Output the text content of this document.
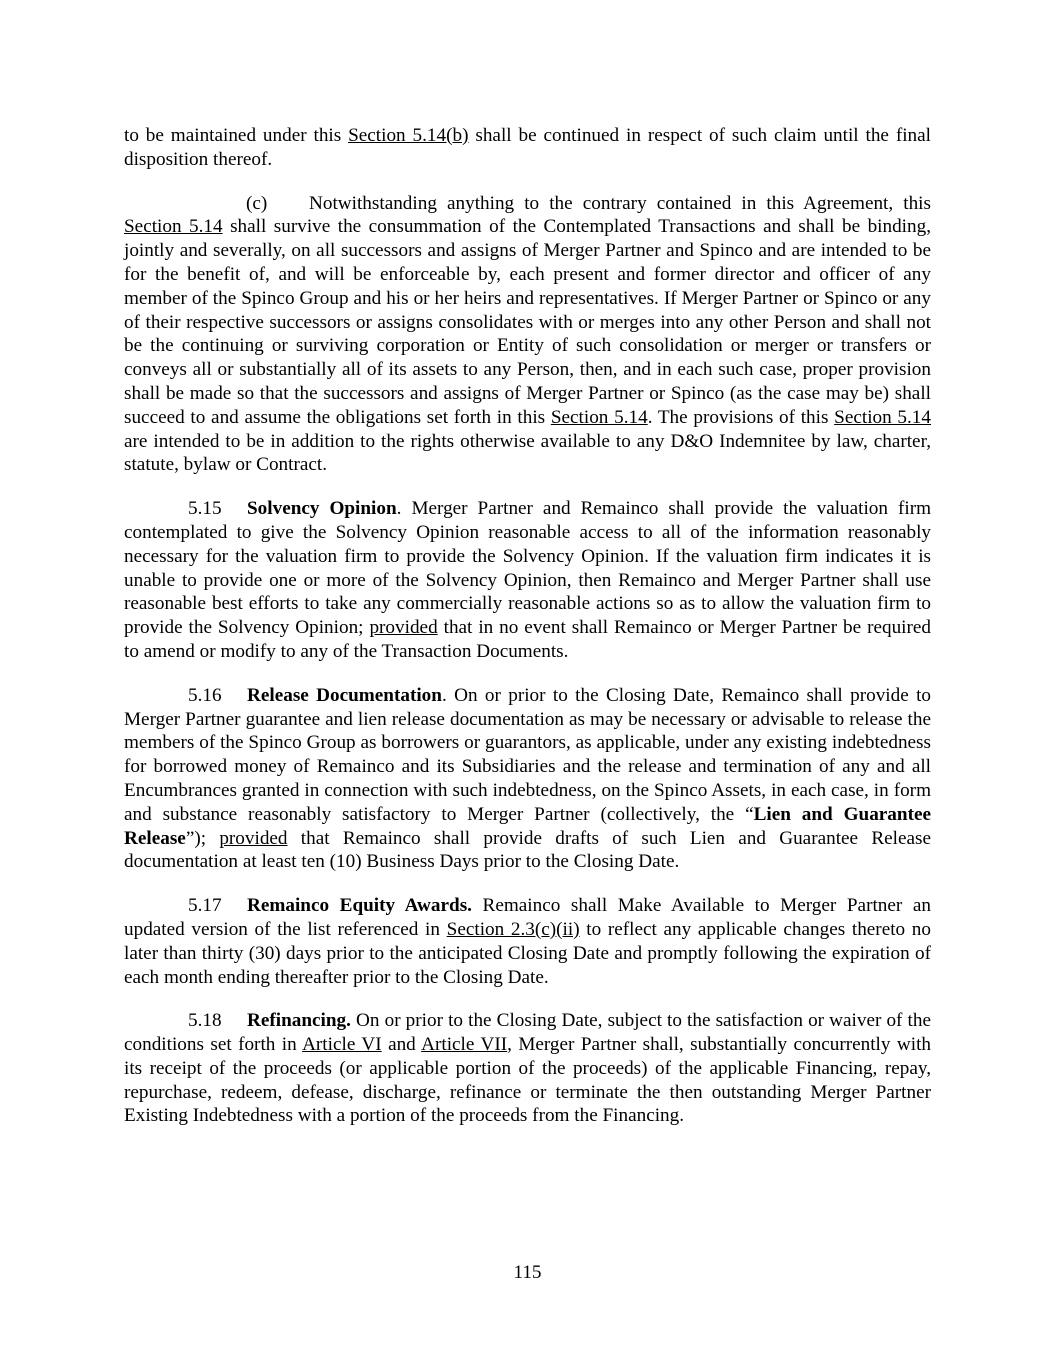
to be maintained under this Section 5.14(b) shall be continued in respect of such claim until the final disposition thereof.

(c) Notwithstanding anything to the contrary contained in this Agreement, this Section 5.14 shall survive the consummation of the Contemplated Transactions and shall be binding, jointly and severally, on all successors and assigns of Merger Partner and Spinco and are intended to be for the benefit of, and will be enforceable by, each present and former director and officer of any member of the Spinco Group and his or her heirs and representatives. If Merger Partner or Spinco or any of their respective successors or assigns consolidates with or merges into any other Person and shall not be the continuing or surviving corporation or Entity of such consolidation or merger or transfers or conveys all or substantially all of its assets to any Person, then, and in each such case, proper provision shall be made so that the successors and assigns of Merger Partner or Spinco (as the case may be) shall succeed to and assume the obligations set forth in this Section 5.14. The provisions of this Section 5.14 are intended to be in addition to the rights otherwise available to any D&O Indemnitee by law, charter, statute, bylaw or Contract.

5.15 Solvency Opinion. Merger Partner and Remainco shall provide the valuation firm contemplated to give the Solvency Opinion reasonable access to all of the information reasonably necessary for the valuation firm to provide the Solvency Opinion. If the valuation firm indicates it is unable to provide one or more of the Solvency Opinion, then Remainco and Merger Partner shall use reasonable best efforts to take any commercially reasonable actions so as to allow the valuation firm to provide the Solvency Opinion; provided that in no event shall Remainco or Merger Partner be required to amend or modify to any of the Transaction Documents.

5.16 Release Documentation. On or prior to the Closing Date, Remainco shall provide to Merger Partner guarantee and lien release documentation as may be necessary or advisable to release the members of the Spinco Group as borrowers or guarantors, as applicable, under any existing indebtedness for borrowed money of Remainco and its Subsidiaries and the release and termination of any and all Encumbrances granted in connection with such indebtedness, on the Spinco Assets, in each case, in form and substance reasonably satisfactory to Merger Partner (collectively, the “Lien and Guarantee Release”); provided that Remainco shall provide drafts of such Lien and Guarantee Release documentation at least ten (10) Business Days prior to the Closing Date.

5.17 Remainco Equity Awards. Remainco shall Make Available to Merger Partner an updated version of the list referenced in Section 2.3(c)(ii) to reflect any applicable changes thereto no later than thirty (30) days prior to the anticipated Closing Date and promptly following the expiration of each month ending thereafter prior to the Closing Date.

5.18 Refinancing. On or prior to the Closing Date, subject to the satisfaction or waiver of the conditions set forth in Article VI and Article VII, Merger Partner shall, substantially concurrently with its receipt of the proceeds (or applicable portion of the proceeds) of the applicable Financing, repay, repurchase, redeem, defease, discharge, refinance or terminate the then outstanding Merger Partner Existing Indebtedness with a portion of the proceeds from the Financing.

115
